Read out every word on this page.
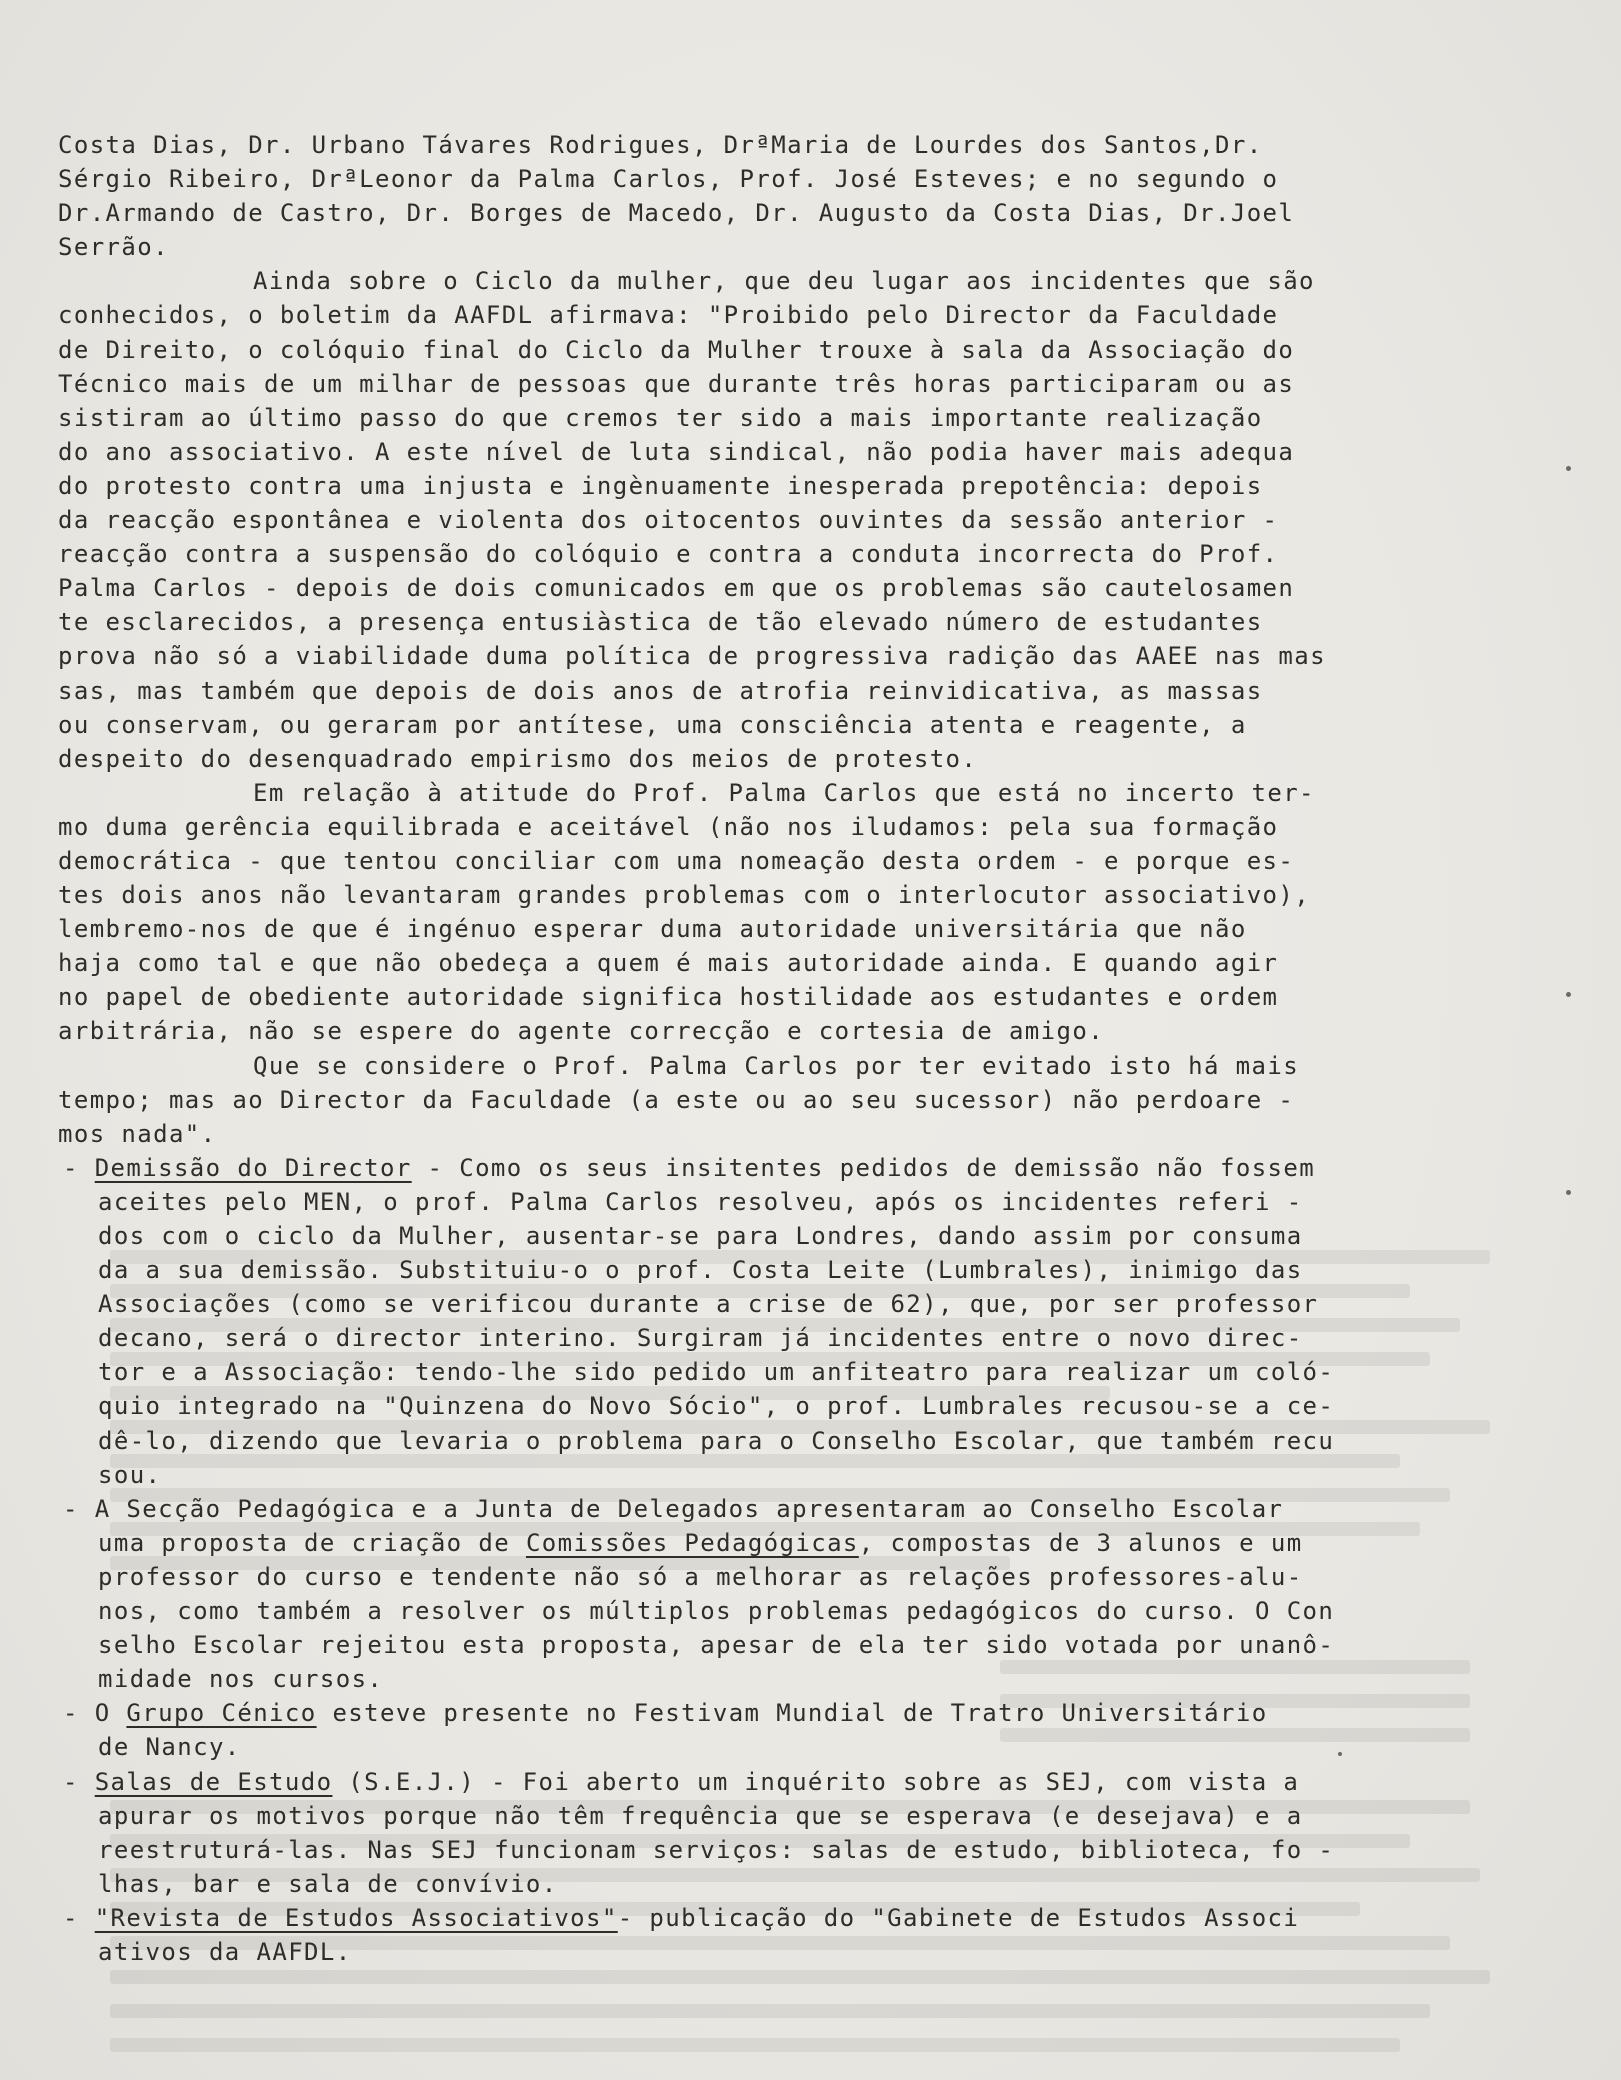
Costa Dias, Dr. Urbano Távares Rodrigues, DrªMaria de Lourdes dos Santos,Dr.
Sérgio Ribeiro, DrªLeonor da Palma Carlos, Prof. José Esteves; e no segundo o
Dr.Armando de Castro, Dr. Borges de Macedo, Dr. Augusto da Costa Dias, Dr.Joel
Serrão.
Ainda sobre o Ciclo da mulher, que deu lugar aos incidentes que são
conhecidos, o boletim da AAFDL afirmava: "Proibido pelo Director da Faculdade
de Direito, o colóquio final do Ciclo da Mulher trouxe à sala da Associação do
Técnico mais de um milhar de pessoas que durante três horas participaram ou as
sistiram ao último passo do que cremos ter sido a mais importante realização
do ano associativo. A este nível de luta sindical, não podia haver mais adequa
do protesto contra uma injusta e ingènuamente inesperada prepotência: depois
da reacção espontânea e violenta dos oitocentos ouvintes da sessão anterior -
reacção contra a suspensão do colóquio e contra a conduta incorrecta do Prof.
Palma Carlos - depois de dois comunicados em que os problemas são cautelosamen
te esclarecidos, a presença entusiàstica de tão elevado número de estudantes
prova não só a viabilidade duma política de progressiva radição das AAEE nas mas
sas, mas também que depois de dois anos de atrofia reinvidicativa, as massas
ou conservam, ou geraram por antítese, uma consciência atenta e reagente, a
despeito do desenquadrado empirismo dos meios de protesto.
Em relação à atitude do Prof. Palma Carlos que está no incerto ter-
mo duma gerência equilibrada e aceitável (não nos iludamos: pela sua formação
democrática - que tentou conciliar com uma nomeação desta ordem - e porque es-
tes dois anos não levantaram grandes problemas com o interlocutor associativo),
lembremo-nos de que é ingénuo esperar duma autoridade universitária que não
haja como tal e que não obedeça a quem é mais autoridade ainda. E quando agir
no papel de obediente autoridade significa hostilidade aos estudantes e ordem
arbitrária, não se espere do agente correcção e cortesia de amigo.
Que se considere o Prof. Palma Carlos por ter evitado isto há mais
tempo; mas ao Director da Faculdade (a este ou ao seu sucessor) não perdoare -
mos nada".
- Demissão do Director - Como os seus insitentes pedidos de demissão não fossem
aceites pelo MEN, o prof. Palma Carlos resolveu, após os incidentes referi -
dos com o ciclo da Mulher, ausentar-se para Londres, dando assim por consuma
da a sua demissão. Substituiu-o o prof. Costa Leite (Lumbrales), inimigo das
Associações (como se verificou durante a crise de 62), que, por ser professor
decano, será o director interino. Surgiram já incidentes entre o novo direc-
tor e a Associação: tendo-lhe sido pedido um anfiteatro para realizar um coló-
quio integrado na "Quinzena do Novo Sócio", o prof. Lumbrales recusou-se a ce-
dê-lo, dizendo que levaria o problema para o Conselho Escolar, que também recu
sou.
- A Secção Pedagógica e a Junta de Delegados apresentaram ao Conselho Escolar
uma proposta de criação de Comissões Pedagógicas, compostas de 3 alunos e um
professor do curso e tendente não só a melhorar as relações professores-alu-
nos, como também a resolver os múltiplos problemas pedagógicos do curso. O Con
selho Escolar rejeitou esta proposta, apesar de ela ter sido votada por unanô-
midade nos cursos.
- O Grupo Cénico esteve presente no Festivam Mundial de Tratro Universitário
de Nancy.
- Salas de Estudo (S.E.J.) - Foi aberto um inquérito sobre as SEJ, com vista a
apurar os motivos porque não têm frequência que se esperava (e desejava) e a
reestruturá-las. Nas SEJ funcionam serviços: salas de estudo, biblioteca, fo -
lhas, bar e sala de convívio.
- "Revista de Estudos Associativos"- publicação do "Gabinete de Estudos Associ
ativos da AAFDL.
